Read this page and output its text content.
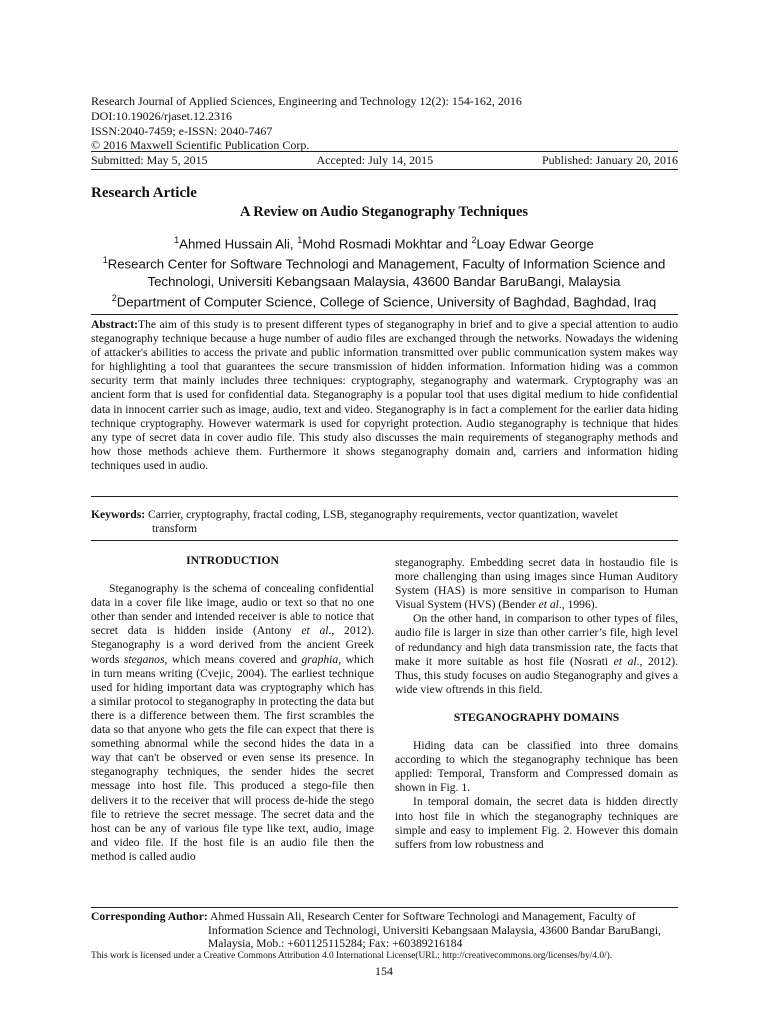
Research Journal of Applied Sciences, Engineering and Technology 12(2): 154-162, 2016
DOI:10.19026/rjaset.12.2316
ISSN:2040-7459; e-ISSN: 2040-7467
© 2016 Maxwell Scientific Publication Corp.
Submitted: May 5, 2015	Accepted: July 14, 2015	Published: January 20, 2016
Research Article
A Review on Audio Steganography Techniques
$^1$Ahmed Hussain Ali, $^1$Mohd Rosmadi Mokhtar and $^2$Loay Edwar George
$^1$Research Center for Software Technologi and Management, Faculty of Information Science and
Technologi, Universiti Kebangsaan Malaysia, 43600 Bandar BaruBangi, Malaysia
$^2$Department of Computer Science, College of Science, University of Baghdad, Baghdad, Iraq
Abstract:The aim of this study is to present different types of steganography in brief and to give a special attention to audio steganography technique because a huge number of audio files are exchanged through the networks. Nowadays the widening of attacker's abilities to access the private and public information transmitted over public communication system makes way for highlighting a tool that guarantees the secure transmission of hidden information. Information hiding was a common security term that mainly includes three techniques: cryptography, steganography and watermark. Cryptography was an ancient form that is used for confidential data. Steganography is a popular tool that uses digital medium to hide confidential data in innocent carrier such as image, audio, text and video. Steganography is in fact a complement for the earlier data hiding technique cryptography. However watermark is used for copyright protection. Audio steganography is technique that hides any type of secret data in cover audio file. This study also discusses the main requirements of steganography methods and how those methods achieve them. Furthermore it shows steganography domain and, carriers and information hiding techniques used in audio.
Keywords: Carrier, cryptography, fractal coding, LSB, steganography requirements, vector quantization, wavelet
transform
INTRODUCTION

Steganography is the schema of concealing confidential data in a cover file like image, audio or text so that no one other than sender and intended receiver is able to notice that secret data is hidden inside (Antony et al., 2012). Steganography is a word derived from the ancient Greek words steganos, which means covered and graphia, which in turn means writing (Cvejic, 2004). The earliest technique used for hiding important data was cryptography which has a similar protocol to steganography in protecting the data but there is a difference between them. The first scrambles the data so that anyone who gets the file can expect that there is something abnormal while the second hides the data in a way that can't be observed or even sense its presence. In steganography techniques, the sender hides the secret message into host file. This produced a stego-file then delivers it to the receiver that will process de-hide the stego file to retrieve the secret message. The secret data and the host can be any of various file type like text, audio, image and video file. If the host file is an audio file then the method is called audio

steganography. Embedding secret data in hostaudio file is more challenging than using images since Human Auditory System (HAS) is more sensitive in comparison to Human Visual System (HVS) (Bender et al., 1996).

On the other hand, in comparison to other types of files, audio file is larger in size than other carrier’s file, high level of redundancy and high data transmission rate, the facts that make it more suitable as host file (Nosrati et al., 2012). Thus, this study focuses on audio Steganography and gives a wide view oftrends in this field.

STEGANOGRAPHY DOMAINS

Hiding data can be classified into three domains according to which the steganography technique has been applied: Temporal, Transform and Compressed domain as shown in Fig. 1.

In temporal domain, the secret data is hidden directly into host file in which the steganography techniques are simple and easy to implement Fig. 2. However this domain suffers from low robustness and

Corresponding Author: Ahmed Hussain Ali, Research Center for Software Technologi and Management, Faculty of
Information Science and Technologi, Universiti Kebangsaan Malaysia, 43600 Bandar BaruBangi,
Malaysia, Mob.: +601125115284; Fax: +60389216184
This work is licensed under a Creative Commons Attribution 4.0 International License(URL: http://creativecommons.org/licenses/by/4.0/).
154
